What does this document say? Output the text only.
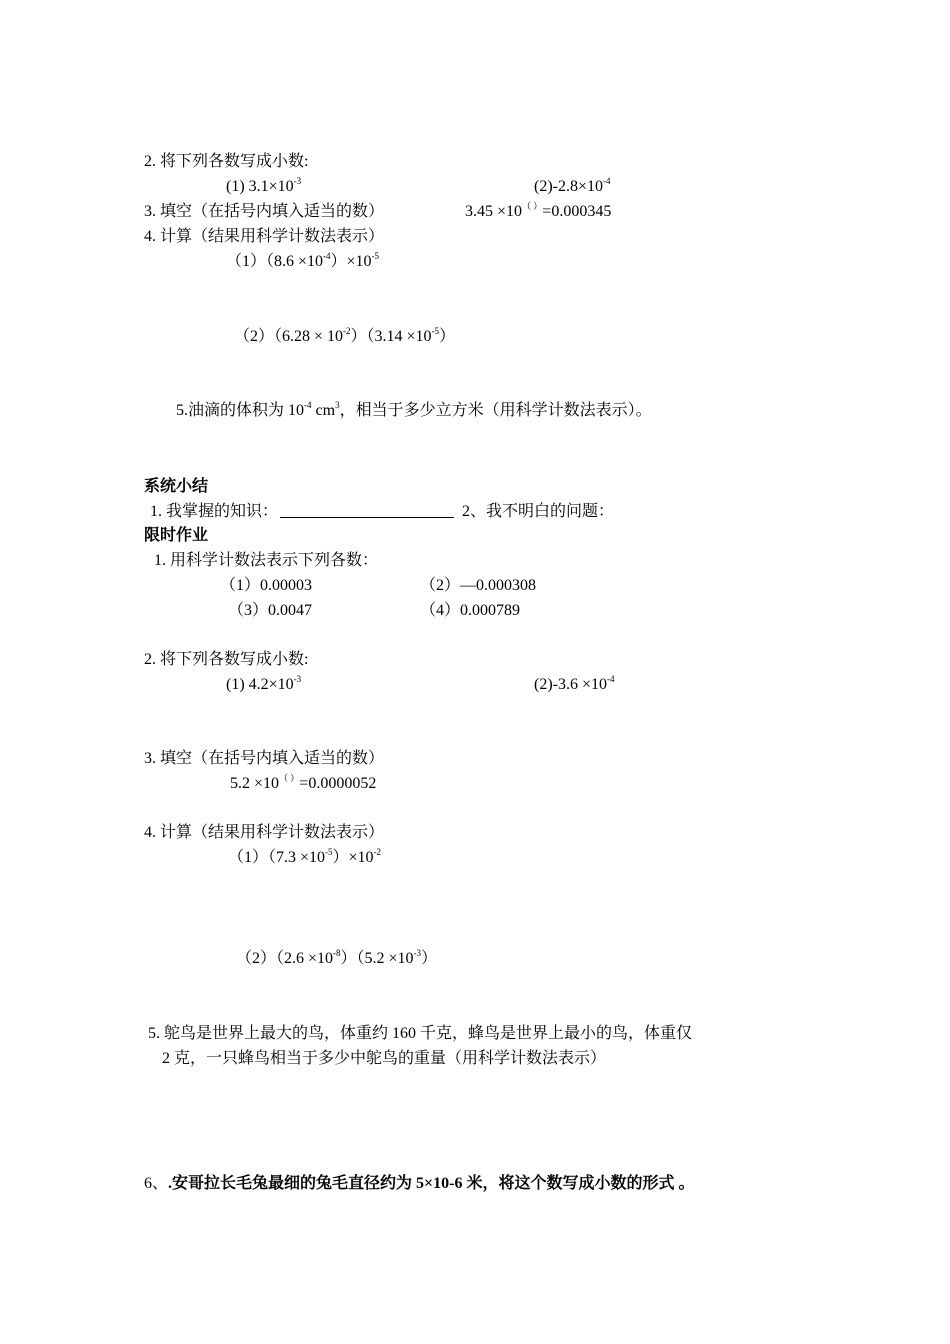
2. 将下列各数写成小数:
(1) $3.1\times 10^{-3}$	$(2)-2.8\times 10^{-4}$
3. 填空（在括号内填入适当的数）	3.45 ×10（ ）=0.000345
4. 计算（结果用科学计数法表示）
$(1)(8.6 \times 10^{-4})\times 10^{-5}$
$(2)(6.28 \times 10^{-2})(3.14 \times 10^{-5})$
5.油滴的体积为 $10^{-4}$ $cm^3$，相当于多少立方米（用科学计数法表示）。
系统小结
1. 我掌握的知识：	2、我不明白的问题：
限时作业
1. 用科学计数法表示下列各数：
（1）0.00003	（2）—0.000308
（3）0.0047	（4）0.000789
2. 将下列各数写成小数:
(1) $4.2\times 10^{-3}$	$(2)-3.6 \times 10^{-4}$
3. 填空（在括号内填入适当的数）
5.2 ×10（ ）=0.0000052
4. 计算（结果用科学计数法表示）
$(1)(7.3 \times 10^{-5})\times 10^{-2}$
$(2)(2.6 \times 10^{-8})(5.2 \times 10^{-3})$
5. 鸵鸟是世界上最大的鸟，体重约 160 千克，蜂鸟是世界上最小的鸟，体重仅
2 克，一只蜂鸟相当于多少中鸵鸟的重量（用科学计数法表示）
6、.安哥拉长毛兔最细的兔毛直径约为 5×10-6 米，将这个数写成小数的形式 。
